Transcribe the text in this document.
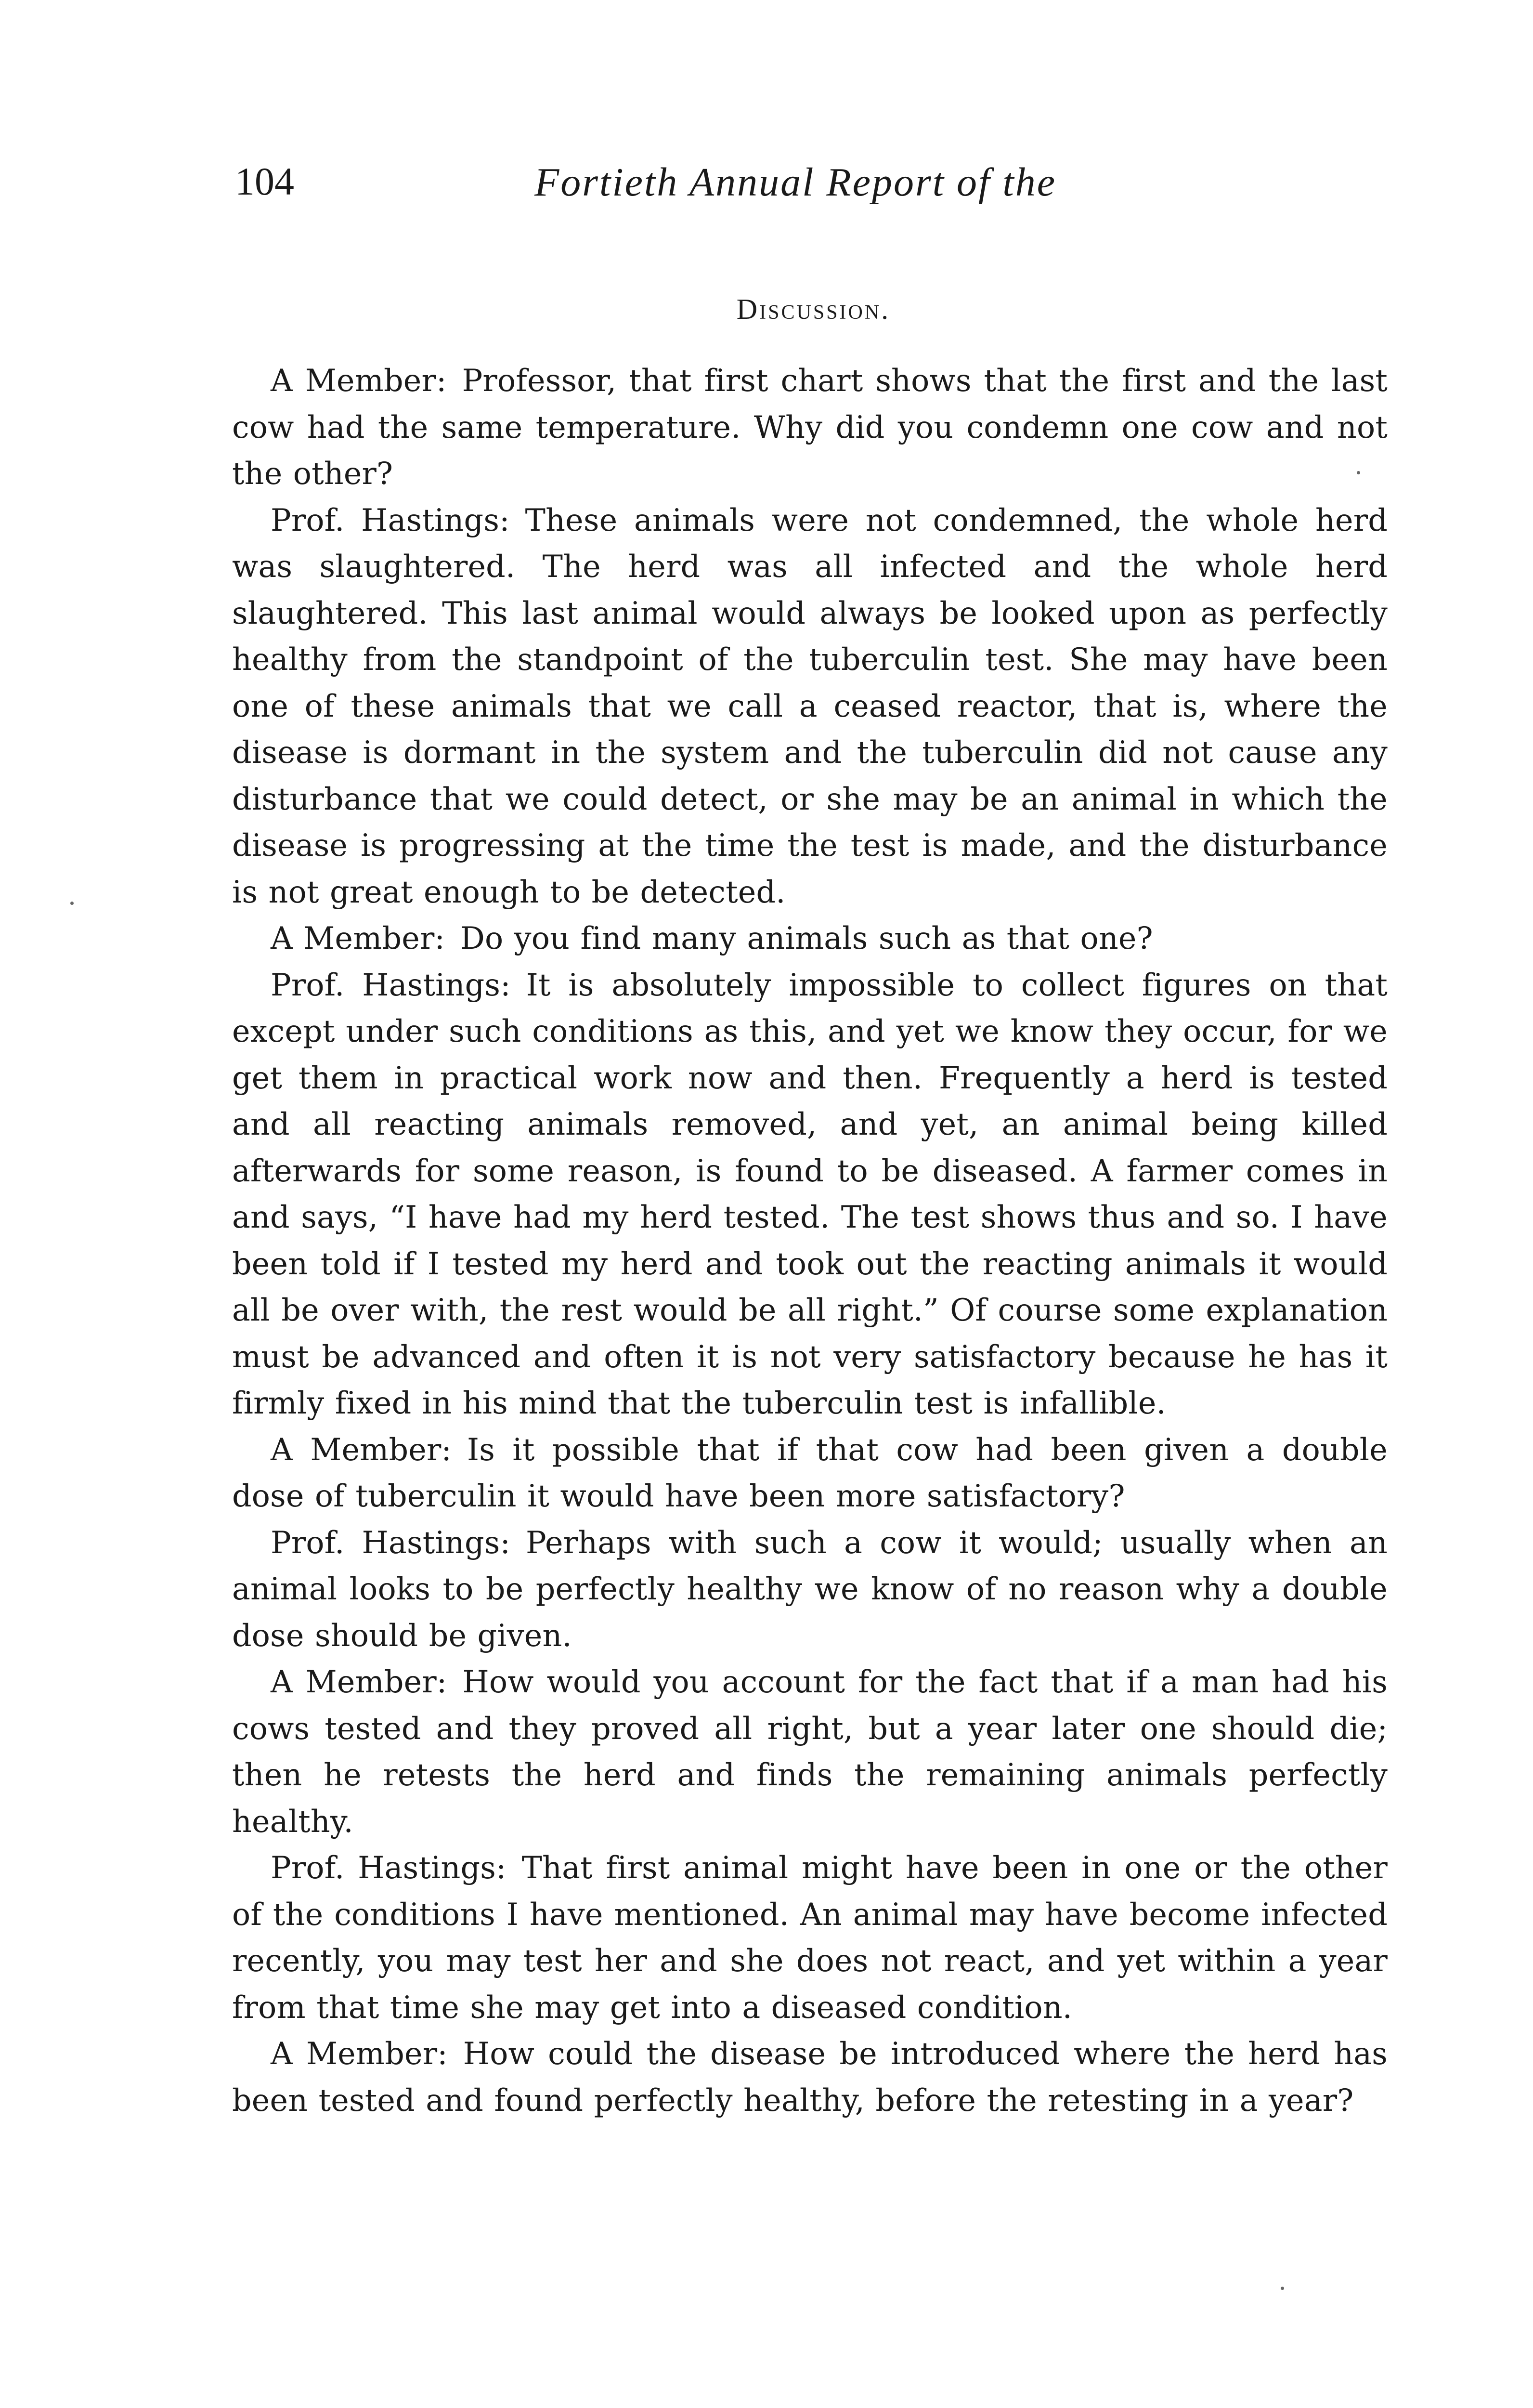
104	Fortieth Annual Report of the
Discussion.

A Member: Professor, that first chart shows that the first and the last cow had the same temperature. Why did you condemn one cow and not the other?

Prof. Hastings: These animals were not condemned, the whole herd was slaughtered. The herd was all infected and the whole herd slaughtered. This last animal would always be looked upon as perfectly healthy from the standpoint of the tuberculin test. She may have been one of these animals that we call a ceased reactor, that is, where the disease is dormant in the system and the tuberculin did not cause any disturbance that we could detect, or she may be an animal in which the disease is progressing at the time the test is made, and the disturbance is not great enough to be detected.

A Member: Do you find many animals such as that one?

Prof. Hastings: It is absolutely impossible to collect figures on that except under such conditions as this, and yet we know they occur, for we get them in practical work now and then. Frequently a herd is tested and all reacting animals removed, and yet, an animal being killed afterwards for some reason, is found to be diseased. A farmer comes in and says, “I have had my herd tested. The test shows thus and so. I have been told if I tested my herd and took out the reacting animals it would all be over with, the rest would be all right.” Of course some explanation must be advanced and often it is not very satisfactory because he has it firmly fixed in his mind that the tuberculin test is infallible.

A Member: Is it possible that if that cow had been given a double dose of tuberculin it would have been more satisfactory?

Prof. Hastings: Perhaps with such a cow it would; usually when an animal looks to be perfectly healthy we know of no reason why a double dose should be given.

A Member: How would you account for the fact that if a man had his cows tested and they proved all right, but a year later one should die; then he retests the herd and finds the remaining animals perfectly healthy.

Prof. Hastings: That first animal might have been in one or the other of the conditions I have mentioned. An animal may have become infected recently, you may test her and she does not react, and yet within a year from that time she may get into a diseased condition.

A Member: How could the disease be introduced where the herd has been tested and found perfectly healthy, before the retesting in a year?
